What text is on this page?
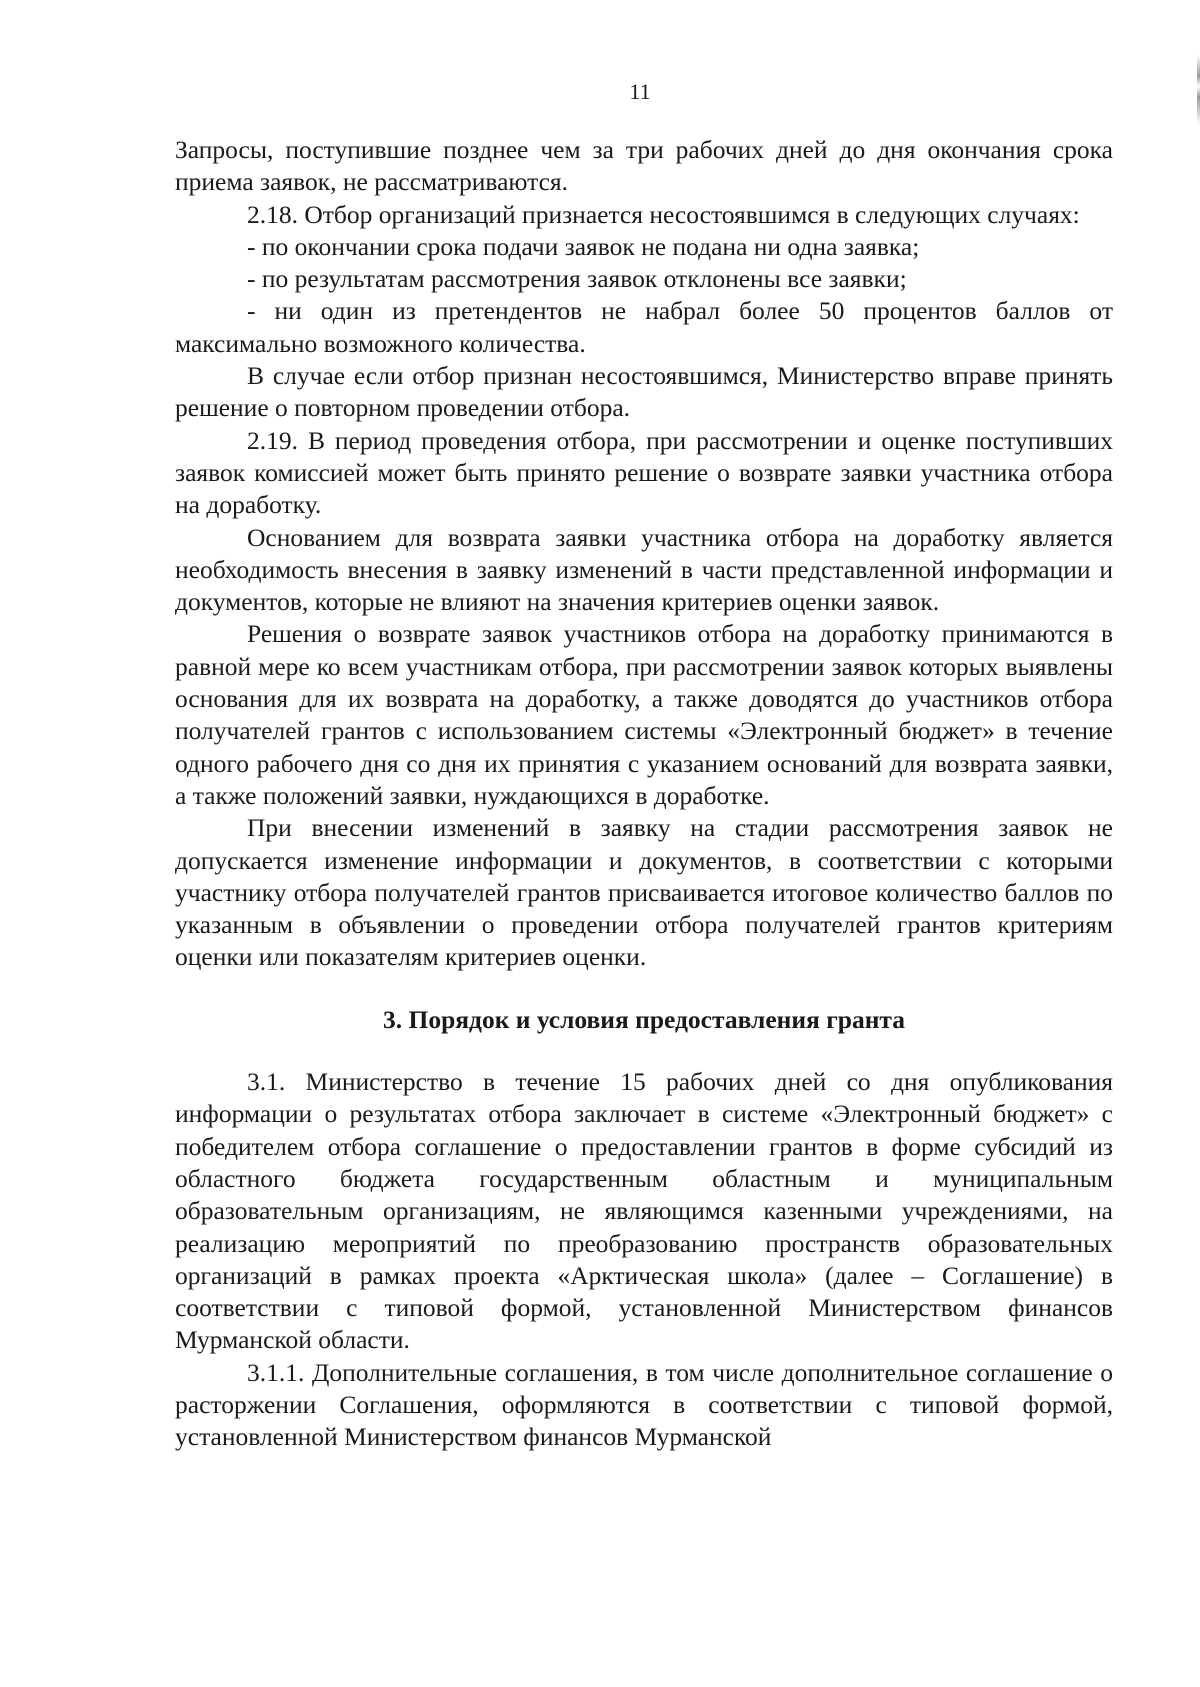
11

Запросы, поступившие позднее чем за три рабочих дней до дня окончания срока приема заявок, не рассматриваются.

2.18. Отбор организаций признается несостоявшимся в следующих случаях:

- по окончании срока подачи заявок не подана ни одна заявка;

- по результатам рассмотрения заявок отклонены все заявки;

- ни один из претендентов не набрал более 50 процентов баллов от максимально возможного количества.

В случае если отбор признан несостоявшимся, Министерство вправе принять решение о повторном проведении отбора.

2.19. В период проведения отбора, при рассмотрении и оценке поступивших заявок комиссией может быть принято решение о возврате заявки участника отбора на доработку.

Основанием для возврата заявки участника отбора на доработку является необходимость внесения в заявку изменений в части представленной информации и документов, которые не влияют на значения критериев оценки заявок.

Решения о возврате заявок участников отбора на доработку принимаются в равной мере ко всем участникам отбора, при рассмотрении заявок которых выявлены основания для их возврата на доработку, а также доводятся до участников отбора получателей грантов с использованием системы «Электронный бюджет» в течение одного рабочего дня со дня их принятия с указанием оснований для возврата заявки, а также положений заявки, нуждающихся в доработке.

При внесении изменений в заявку на стадии рассмотрения заявок не допускается изменение информации и документов, в соответствии с которыми участнику отбора получателей грантов присваивается итоговое количество баллов по указанным в объявлении о проведении отбора получателей грантов критериям оценки или показателям критериев оценки.

3. Порядок и условия предоставления гранта

3.1. Министерство в течение 15 рабочих дней со дня опубликования информации о результатах отбора заключает в системе «Электронный бюджет» с победителем отбора соглашение о предоставлении грантов в форме субсидий из областного бюджета государственным областным и муниципальным образовательным организациям, не являющимся казенными учреждениями, на реализацию мероприятий по преобразованию пространств образовательных организаций в рамках проекта «Арктическая школа» (далее – Соглашение) в соответствии с типовой формой, установленной Министерством финансов Мурманской области.

3.1.1. Дополнительные соглашения, в том числе дополнительное соглашение о расторжении Соглашения, оформляются в соответствии с типовой формой, установленной Министерством финансов Мурманской
